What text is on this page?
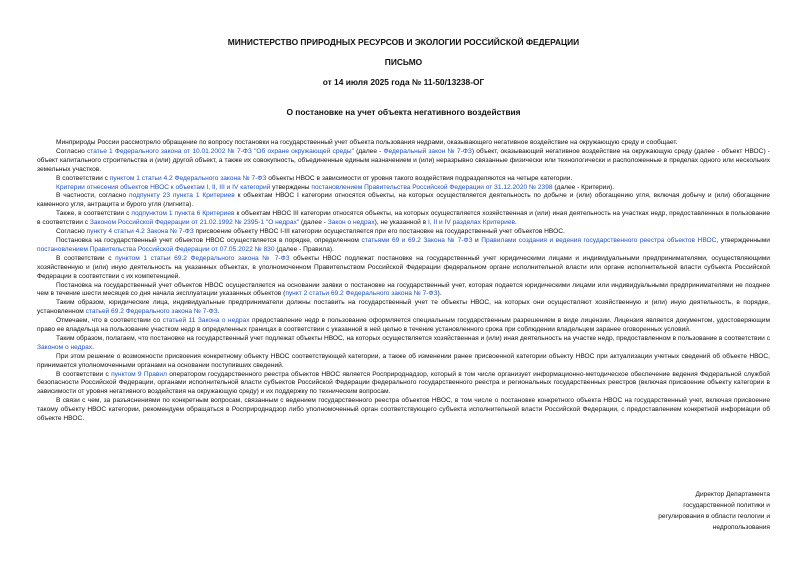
МИНИСТЕРСТВО ПРИРОДНЫХ РЕСУРСОВ И ЭКОЛОГИИ РОССИЙСКОЙ ФЕДЕРАЦИИ
ПИСЬМО
от 14 июля 2025 года № 11-50/13238-ОГ
О постановке на учет объекта негативного воздействия

Минприроды России рассмотрело обращение по вопросу постановки на государственный учет объекта пользования недрами, оказывающего негативное воздействие на окружающую среду и сообщает.

Согласно статье 1 Федерального закона от 10.01.2002 № 7-ФЗ "Об охране окружающей среды" (далее - Федеральный закон № 7-ФЗ) объект, оказывающий негативное воздействие на окружающую среду (далее - объект НВОС) - объект капитального строительства и (или) другой объект, а также их совокупность, объединенные единым назначением и (или) неразрывно связанные физически или технологически и расположенные в пределах одного или нескольких земельных участков.

В соответствии с пунктом 1 статьи 4.2 Федерального закона № 7-ФЗ объекты НВОС в зависимости от уровня такого воздействия подразделяются на четыре категории.

Критерии отнесения объектов НВОС к объектам I, II, III и IV категорий утверждены постановлением Правительства Российской Федерации от 31.12.2020 № 2398 (далее - Критерии).

В частности, согласно подпункту 23 пункта 1 Критериев к объектам НВОС I категории относятся объекты, на которых осуществляется деятельность по добыче и (или) обогащению угля, включая добычу и (или) обогащение каменного угля, антрацита и бурого угля (лигнита).

Также, в соответствии с подпунктом 1 пункта 6 Критериев к объектам НВОС III категории относятся объекты, на которых осуществляется хозяйственная и (или) иная деятельность на участках недр, предоставленных в пользование в соответствии с Законом Российской Федерации от 21.02.1992 № 2395-1 "О недрах" (далее - Закон о недрах), не указанной в I, II и IV разделах Критериев.

Согласно пункту 4 статьи 4.2 Закона № 7-ФЗ присвоение объекту НВОС I-III категории осуществляется при его постановке на государственный учет объектов НВОС.

Постановка на государственный учет объектов НВОС осуществляется в порядке, определенном статьями 69 и 69.2 Закона № 7-ФЗ и Правилами создания и ведения государственного реестра объектов НВОС, утвержденными постановлением Правительства Российской Федерации от 07.05.2022 № 830 (далее - Правила).

В соответствии с пунктом 1 статьи 69.2 Федерального закона № 7-ФЗ объекты НВОС подлежат постановке на государственный учет юридическими лицами и индивидуальными предпринимателями, осуществляющими хозяйственную и (или) иную деятельность на указанных объектах, в уполномоченном Правительством Российской Федерации федеральном органе исполнительной власти или органе исполнительной власти субъекта Российской Федерации в соответствии с их компетенцией.

Постановка на государственный учет объектов НВОС осуществляется на основании заявки о постановке на государственный учет, которая подается юридическими лицами или индивидуальными предпринимателями не позднее чем в течение шести месяцев со дня начала эксплуатации указанных объектов (пункт 2 статьи 69.2 Федерального закона № 7-ФЗ).

Таким образом, юридические лица, индивидуальные предприниматели должны поставить на государственный учет те объекты НВОС, на которых они осуществляют хозяйственную и (или) иную деятельность, в порядке, установленном статьей 69.2 Федерального закона № 7-ФЗ.

Отмечаем, что в соответствии со статьей 11 Закона о недрах предоставление недр в пользование оформляется специальным государственным разрешением в виде лицензии. Лицензия является документом, удостоверяющим право ее владельца на пользование участком недр в определенных границах в соответствии с указанной в ней целью в течение установленного срока при соблюдении владельцем заранее оговоренных условий.

Таким образом, полагаем, что постановке на государственный учет подлежат объекты НВОС, на которых осуществляется хозяйственная и (или) иная деятельность на участке недр, предоставленном в пользование в соответствии с Законом о недрах.

При этом решение о возможности присвоения конкретному объекту НВОС соответствующей категории, а также об изменении ранее присвоенной категории объекту НВОС при актуализации учетных сведений об объекте НВОС, принимается уполномоченными органами на основании поступивших сведений.

В соответствии с пунктом 9 Правил оператором государственного реестра объектов НВОС является Росприроднадзор, который в том числе организует информационно-методическое обеспечение ведения Федеральной службой безопасности Российской Федерации, органами исполнительной власти субъектов Российской Федерации федерального государственного реестра и региональных государственных реестров (включая присвоение объекту категории в зависимости от уровня негативного воздействия на окружающую среду) и их поддержку по техническим вопросам.

В связи с чем, за разъяснениями по конкретным вопросам, связанным с ведением государственного реестра объектов НВОС, в том числе о постановке конкретного объекта НВОС на государственный учет, включая присвоение такому объекту НВОС категории, рекомендуем обращаться в Росприроднадзор либо уполномоченный орган соответствующего субъекта исполнительной власти Российской Федерации, с предоставлением конкретной информации об объекте НВОС.

Директор Департамента
государственной политики и
регулирования в области геологии и
недропользования
